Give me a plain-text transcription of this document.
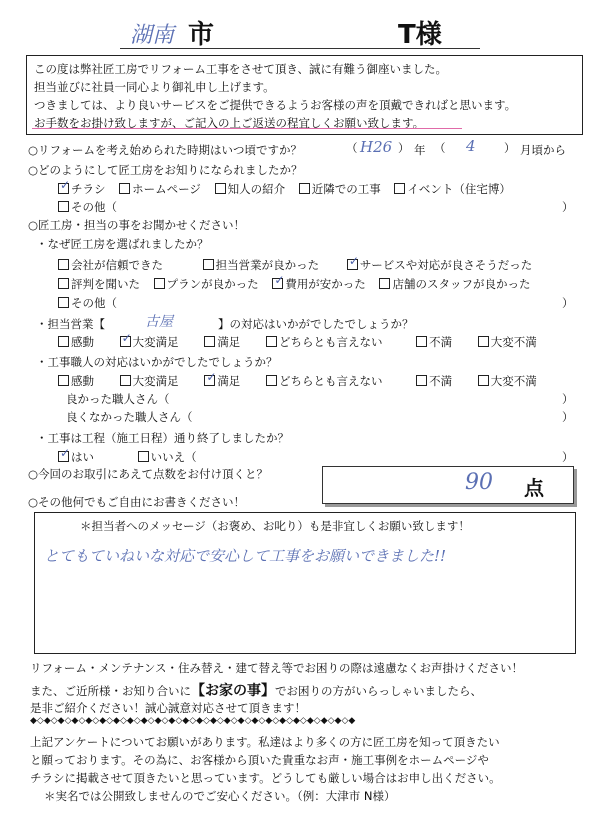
湖南 市	T様
この度は弊社匠工房でリフォーム工事をさせて頂き、誠に有難う御座いました。
担当並びに社員一同心より御礼申し上げます。
つきましては、より良いサービスをご提供できるようお客様の声を頂戴できればと思います。
お手数をお掛け致しますが、ご記入の上ご返送の程宜しくお願い致します。
○リフォームを考え始められた時期はいつ頃ですか？	（ H26 ） 年 （ 4 ） 月頃から
○どのようにして匠工房をお知りになられましたか？
✓チラシ ホームページ 知人の紹介 近隣での工事 イベント（住宅博）
その他（	）
○匠工房・担当の事をお聞かせください！
・なぜ匠工房を選ばれましたか？
会社が信頼できた	担当営業が良かった ✓	サービスや対応が良さそうだった
評判を聞いた プランが良かった ✓ 費用が安かった 店舗のスタッフが良かった
その他（	）
・担当営業【	古屋	】の対応はいかがでしたでしょうか？
感動 ✓	大変満足	満足	どちらとも言えない	不満	大変不満
・工事職人の対応はいかがでしたでしょうか？
感動	大変満足 ✓	満足	どちらとも言えない	不満	大変不満
良かった職人さん（	）
良くなかった職人さん（	）
・工事は工程（施工日程）通り終了しましたか？
✓はい	いいえ（	）
○今回のお取引にあえて点数をお付け頂くと？	90 点
○その他何でもご自由にお書きください！
＊担当者へのメッセージ（お褒め、お叱り）も是非宜しくお願い致します！
とてもていねいな対応で安心して工事をお願いできました!!
リフォーム・メンテナンス・住み替え・建て替え等でお困りの際は遠慮なくお声掛けください！
また、ご近所様・お知り合いに【お家の事】でお困りの方がいらっしゃいましたら、
是非ご紹介ください！誠心誠意対応させて頂きます！
◆◇◆◇◆◇◆◇◆◇◆◇◆◇◆◇◆◇◆◇◆◇◆◇◆◇◆◇◆◇◆◇◆◇◆◇◆◇◆◇◆◇◆◇◆◇◆
上記アンケートについてお願いがあります。私達はより多くの方に匠工房を知って頂きたい
と願っております。その為に、お客様から頂いた貴重なお声・施工事例をホームページや
チラシに掲載させて頂きたいと思っています。どうしても厳しい場合はお申し出ください。
＊実名では公開致しませんのでご安心ください。（例：大津市 N様）
